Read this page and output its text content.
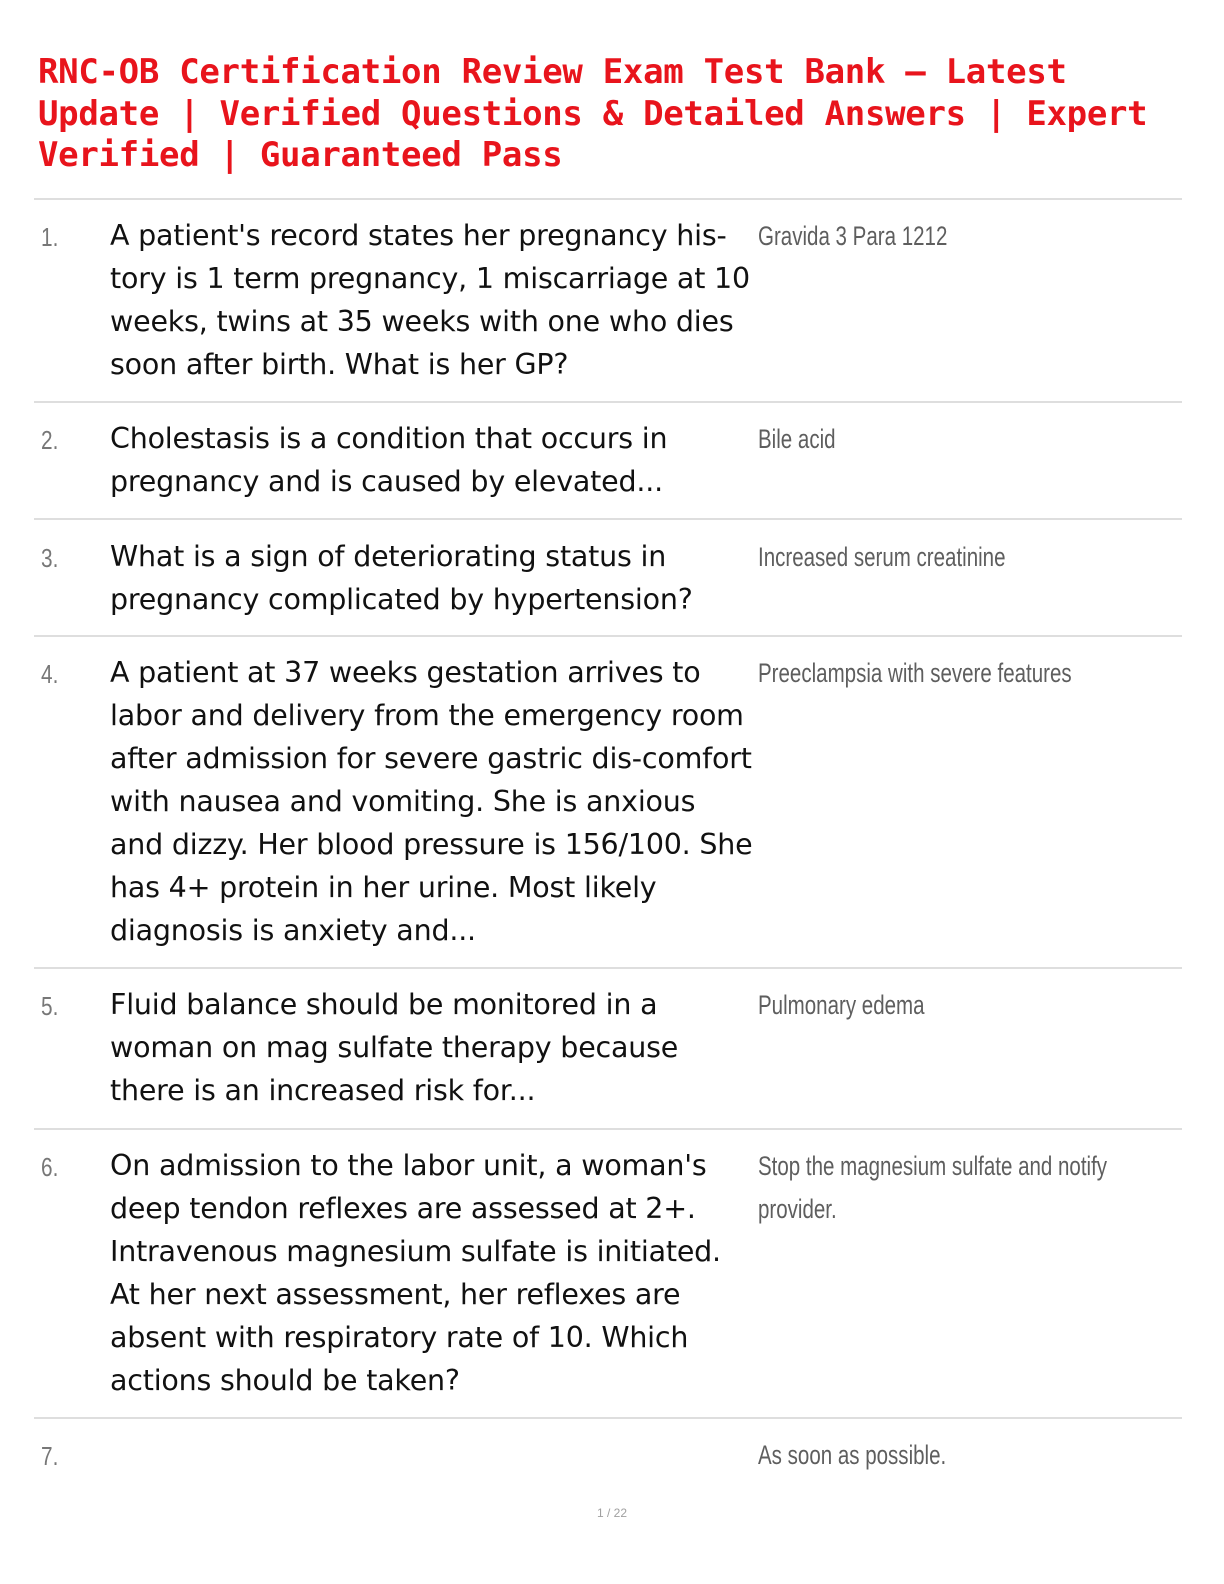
RNC-OB Certification Review Exam Test Bank – Latest Update | Verified Questions & Detailed Answers | Expert Verified | Guaranteed Pass
1. A patient's record states her pregnancy his-tory is 1 term pregnancy, 1 miscarriage at 10 weeks, twins at 35 weeks with one who dies soon after birth. What is her GP?
Gravida 3 Para 1212
2. Cholestasis is a condition that occurs in pregnancy and is caused by elevated...
Bile acid
3. What is a sign of deteriorating status in pregnancy complicated by hypertension?
Increased serum creatinine
4. A patient at 37 weeks gestation arrives to labor and delivery from the emergency room after admission for severe gastric dis-comfort with nausea and vomiting. She is anxious and dizzy. Her blood pressure is 156/100. She has 4+ protein in her urine. Most likely diagnosis is anxiety and...
Preeclampsia with severe features
5. Fluid balance should be monitored in a woman on mag sulfate therapy because there is an increased risk for...
Pulmonary edema
6. On admission to the labor unit, a woman's deep tendon reflexes are assessed at 2+. Intravenous magnesium sulfate is initiated. At her next assessment, her reflexes are absent with respiratory rate of 10. Which actions should be taken?
Stop the magnesium sulfate and notify provider.
7.	As soon as possible.
1 / 22
